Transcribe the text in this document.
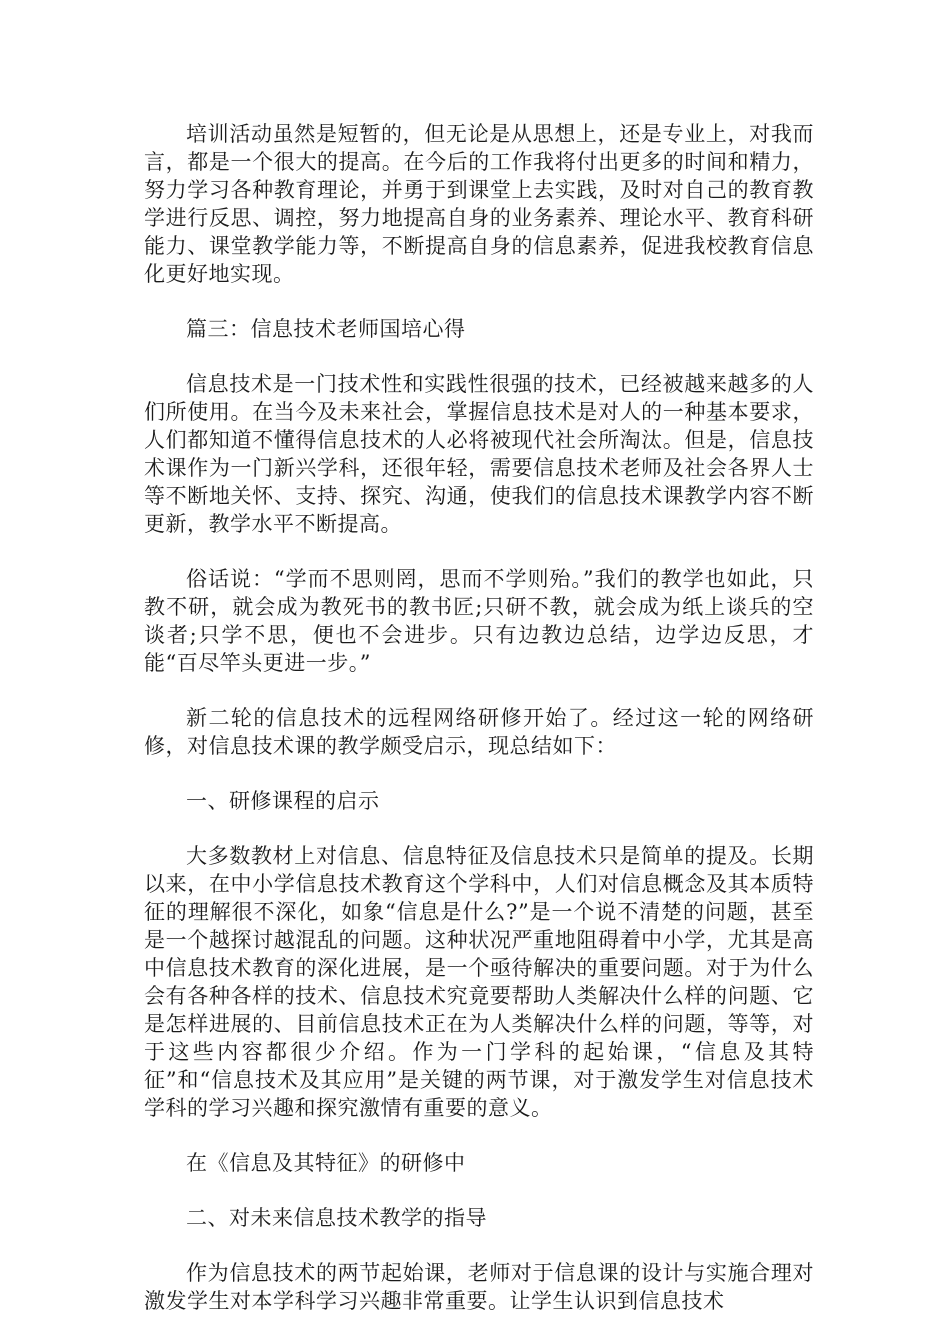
培训活动虽然是短暂的，但无论是从思想上，还是专业上，对我而言，都是一个很大的提高。在今后的工作我将付出更多的时间和精力，努力学习各种教育理论，并勇于到课堂上去实践，及时对自己的教育教学进行反思、调控，努力地提高自身的业务素养、理论水平、教育科研能力、课堂教学能力等，不断提高自身的信息素养，促进我校教育信息化更好地实现。

篇三：信息技术老师国培心得

信息技术是一门技术性和实践性很强的技术，已经被越来越多的人们所使用。在当今及未来社会，掌握信息技术是对人的一种基本要求，人们都知道不懂得信息技术的人必将被现代社会所淘汰。但是，信息技术课作为一门新兴学科，还很年轻，需要信息技术老师及社会各界人士等不断地关怀、支持、探究、沟通，使我们的信息技术课教学内容不断更新，教学水平不断提高。

俗话说：“学而不思则罔，思而不学则殆。”我们的教学也如此，只教不研，就会成为教死书的教书匠;只研不教，就会成为纸上谈兵的空谈者;只学不思，便也不会进步。只有边教边总结，边学边反思，才能“百尽竿头更进一步。”

新二轮的信息技术的远程网络研修开始了。经过这一轮的网络研修，对信息技术课的教学颇受启示，现总结如下：

一、研修课程的启示

大多数教材上对信息、信息特征及信息技术只是简单的提及。长期以来，在中小学信息技术教育这个学科中，人们对信息概念及其本质特征的理解很不深化，如象“信息是什么?”是一个说不清楚的问题，甚至是一个越探讨越混乱的问题。这种状况严重地阻碍着中小学，尤其是高中信息技术教育的深化进展，是一个亟待解决的重要问题。对于为什么会有各种各样的技术、信息技术究竟要帮助人类解决什么样的问题、它是怎样进展的、目前信息技术正在为人类解决什么样的问题，等等，对于这些内容都很少介绍。作为一门学科的起始课，“信息及其特征”和“信息技术及其应用”是关键的两节课，对于激发学生对信息技术学科的学习兴趣和探究激情有重要的意义。

在《信息及其特征》的研修中

二、对未来信息技术教学的指导

作为信息技术的两节起始课，老师对于信息课的设计与实施合理对激发学生对本学科学习兴趣非常重要。让学生认识到信息技术
